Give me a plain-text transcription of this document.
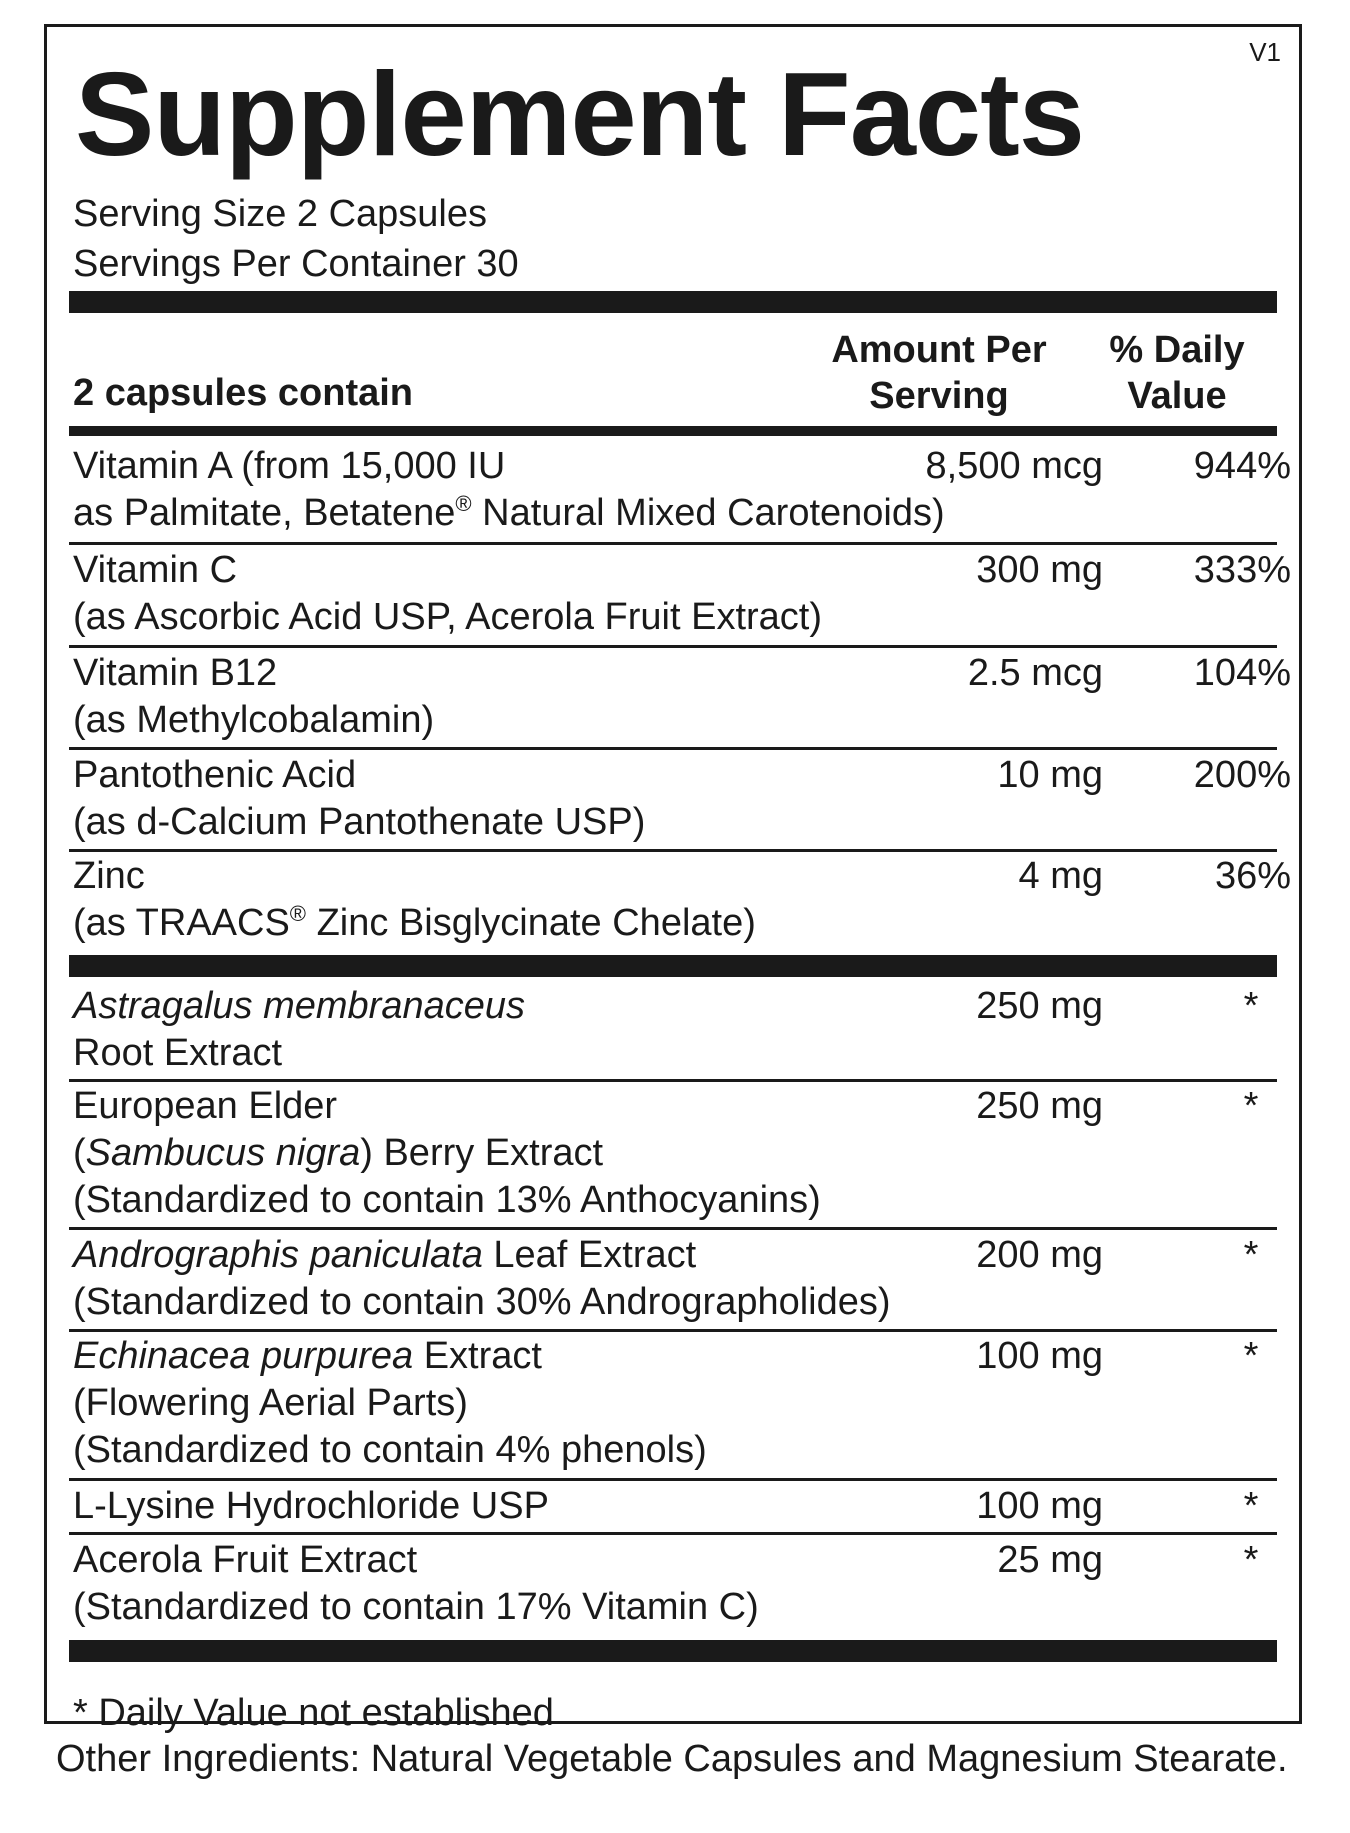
V1
Supplement Facts
Serving Size 2 Capsules
Servings Per Container 30
2 capsules contain
Amount Per
Serving
% Daily
Value
Vitamin A (from 15,000 IU
as Palmitate, Betatene® Natural Mixed Carotenoids)
8,500 mcg	944%
Vitamin C
(as Ascorbic Acid USP, Acerola Fruit Extract)
300 mg	333%
Vitamin B12
(as Methylcobalamin)
2.5 mcg	104%
Pantothenic Acid
(as d-Calcium Pantothenate USP)
10 mg	200%
Zinc
(as TRAACS® Zinc Bisglycinate Chelate)
4 mg	36%
Astragalus membranaceus
Root Extract
250 mg	*
European Elder
(Sambucus nigra) Berry Extract
(Standardized to contain 13% Anthocyanins)
250 mg	*
Andrographis paniculata Leaf Extract
(Standardized to contain 30% Andrographolides)
200 mg	*
Echinacea purpurea Extract
(Flowering Aerial Parts)
(Standardized to contain 4% phenols)
100 mg	*
L-Lysine Hydrochloride USP	100 mg	*
Acerola Fruit Extract
(Standardized to contain 17% Vitamin C)
25 mg	*
* Daily Value not established
Other Ingredients: Natural Vegetable Capsules and Magnesium Stearate.
